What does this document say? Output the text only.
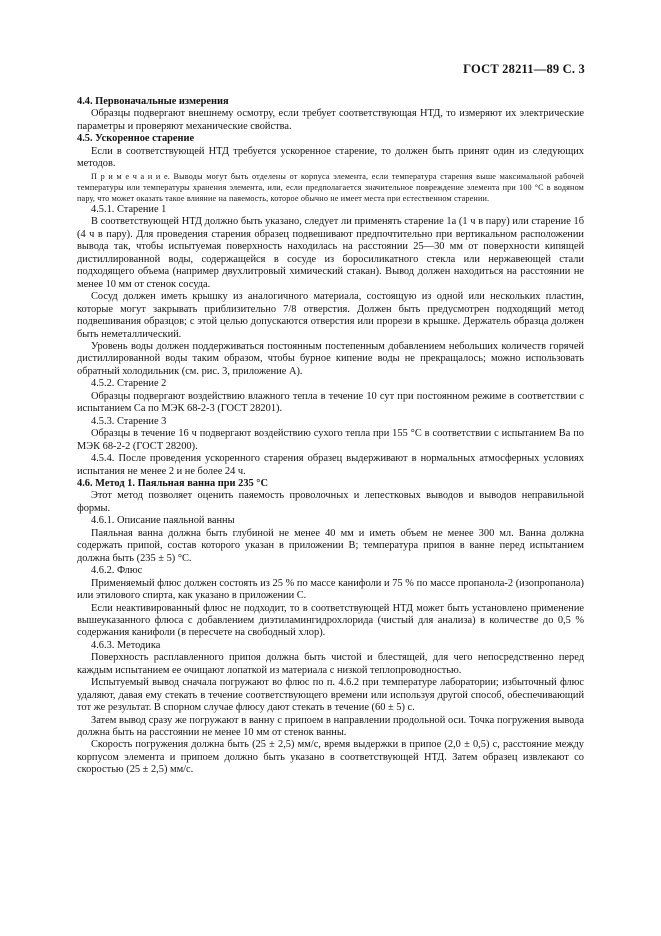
ГОСТ 28211—89 С. 3

4.4. Первоначальные измерения

Образцы подвергают внешнему осмотру, если требует соответствующая НТД, то измеряют их электрические параметры и проверяют механические свойства.

4.5. Ускоренное старение

Если в соответствующей НТД требуется ускоренное старение, то должен быть принят один из следующих методов.

П р и м е ч а н и е. Выводы могут быть отделены от корпуса элемента, если температура старения выше максимальной рабочей температуры или температуры хранения элемента, или, если предполагается значительное повреждение элемента при 100 °С в водяном пару, что может оказать такое влияние на паяемость, которое обычно не имеет места при естественном старении.

4.5.1. Старение 1

В соответствующей НТД должно быть указано, следует ли применять старение 1а (1 ч в пару) или старение 1б (4 ч в пару). Для проведения старения образец подвешивают предпочтительно при вертикальном расположении вывода так, чтобы испытуемая поверхность находилась на расстоянии 25—30 мм от поверхности кипящей дистиллированной воды, содержащейся в сосуде из боросиликатного стекла или нержавеющей стали подходящего объема (например двухлитровый химический стакан). Вывод должен находиться на расстоянии не менее 10 мм от стенок сосуда.

Сосуд должен иметь крышку из аналогичного материала, состоящую из одной или нескольких пластин, которые могут закрывать приблизительно 7/8 отверстия. Должен быть предусмотрен подходящий метод подвешивания образцов; с этой целью допускаются отверстия или прорези в крышке. Держатель образца должен быть неметаллический.

Уровень воды должен поддерживаться постоянным постепенным добавлением небольших количеств горячей дистиллированной воды таким образом, чтобы бурное кипение воды не прекращалось; можно использовать обратный холодильник (см. рис. 3, приложение А).

4.5.2. Старение 2

Образцы подвергают воздействию влажного тепла в течение 10 сут при постоянном режиме в соответствии с испытанием Са по МЭК 68-2-3 (ГОСТ 28201).

4.5.3. Старение 3

Образцы в течение 16 ч подвергают воздействию сухого тепла при 155 °С в соответствии с испытанием Ва по МЭК 68-2-2 (ГОСТ 28200).

4.5.4. После проведения ускоренного старения образец выдерживают в нормальных атмосферных условиях испытания не менее 2 и не более 24 ч.

4.6. Метод 1. Паяльная ванна при 235 °С

Этот метод позволяет оценить паяемость проволочных и лепестковых выводов и выводов неправильной формы.

4.6.1. Описание паяльной ванны

Паяльная ванна должна быть глубиной не менее 40 мм и иметь объем не менее 300 мл. Ванна должна содержать припой, состав которого указан в приложении В; температура припоя в ванне перед испытанием должна быть (235 ± 5) °С.

4.6.2. Флюс

Применяемый флюс должен состоять из 25 % по массе канифоли и 75 % по массе пропанола-2 (изопропанола) или этилового спирта, как указано в приложении С.

Если неактивированный флюс не подходит, то в соответствующей НТД может быть установлено применение вышеуказанного флюса с добавлением диэтиламингидрохлорида (чистый для анализа) в количестве до 0,5 % содержания канифоли (в пересчете на свободный хлор).

4.6.3. Методика

Поверхность расплавленного припоя должна быть чистой и блестящей, для чего непосредственно перед каждым испытанием ее очищают лопаткой из материала с низкой теплопроводностью.

Испытуемый вывод сначала погружают во флюс по п. 4.6.2 при температуре лаборатории; избыточный флюс удаляют, давая ему стекать в течение соответствующего времени или используя другой способ, обеспечивающий тот же результат. В спорном случае флюсу дают стекать в течение (60 ± 5) с.

Затем вывод сразу же погружают в ванну с припоем в направлении продольной оси. Точка погружения вывода должна быть на расстоянии не менее 10 мм от стенок ванны.

Скорость погружения должна быть (25 ± 2,5) мм/с, время выдержки в припое (2,0 ± 0,5) с, расстояние между корпусом элемента и припоем должно быть указано в соответствующей НТД. Затем образец извлекают со скоростью (25 ± 2,5) мм/с.
